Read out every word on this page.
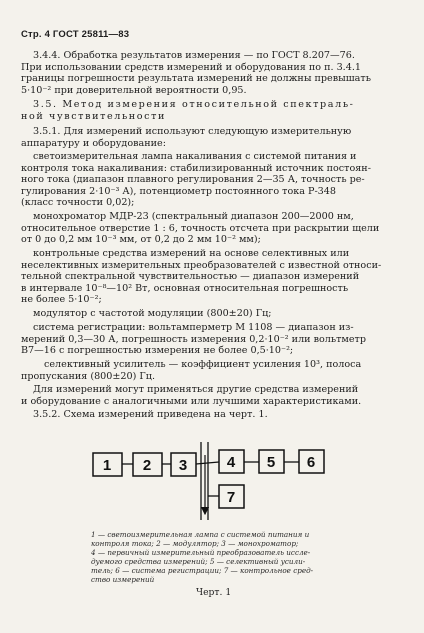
Стр. 4 ГОСТ 25811—83
3.4.4. Обработка результатов измерения — по ГОСТ 8.207—76.
При использовании средств измерений и оборудования по п. 3.4.1
границы погрешности результата измерений не должны превышать
5·10⁻² при доверительной вероятности 0,95.
3.5. Метод измерения относительной спектраль-
ной чувствительности
3.5.1. Для измерений используют следующую измерительную
аппаратуру и оборудование:
светоизмерительная лампа накаливания с системой питания и
контроля тока накаливания: стабилизированный источник постоян-
ного тока (диапазон плавного регулирования 2—35 А, точность ре-
гулирования 2·10⁻³ А), потенциометр постоянного тока Р-348
(класс точности 0,02);
монохроматор МДР-23 (спектральный диапазон 200—2000 нм,
относительное отверстие 1 : 6, точность отсчета при раскрытии щели
от 0 до 0,2 мм 10⁻³ мм, от 0,2 до 2 мм 10⁻² мм);
контрольные средства измерений на основе селективных или
неселективных измерительных преобразователей с известной относи-
тельной спектральной чувствительностью — диапазон измерений
в интервале 10⁻⁸—10² Вт, основная относительная погрешность
не более 5·10⁻²;
модулятор с частотой модуляции (800±20) Гц;
система регистрации: вольтамперметр М 1108 — диапазон из-
мерений 0,3—30 А, погрешность измерения 0,2·10⁻² или вольтметр
В7—16 с погрешностью измерения не более 0,5·10⁻²;
селективный усилитель — коэффициент усиления 10³, полоса
пропускания (800±20) Гц.
Для измерений могут применяться другие средства измерений
и оборудование с аналогичными или лучшими характеристиками.
3.5.2. Схема измерений приведена на черт. 1.
1 2 3	4 5 6
7
1 — светоизмерительная лампа с системой питания и
контроля тока; 2 — модулятор; 3 — монохроматор;
4 — первичный измерительный преобразователь иссле-
дуемого средства измерений; 5 — селективный усили-
тель; 6 — система регистрации; 7 — контрольное сред-
ство измерений
Черт. 1
